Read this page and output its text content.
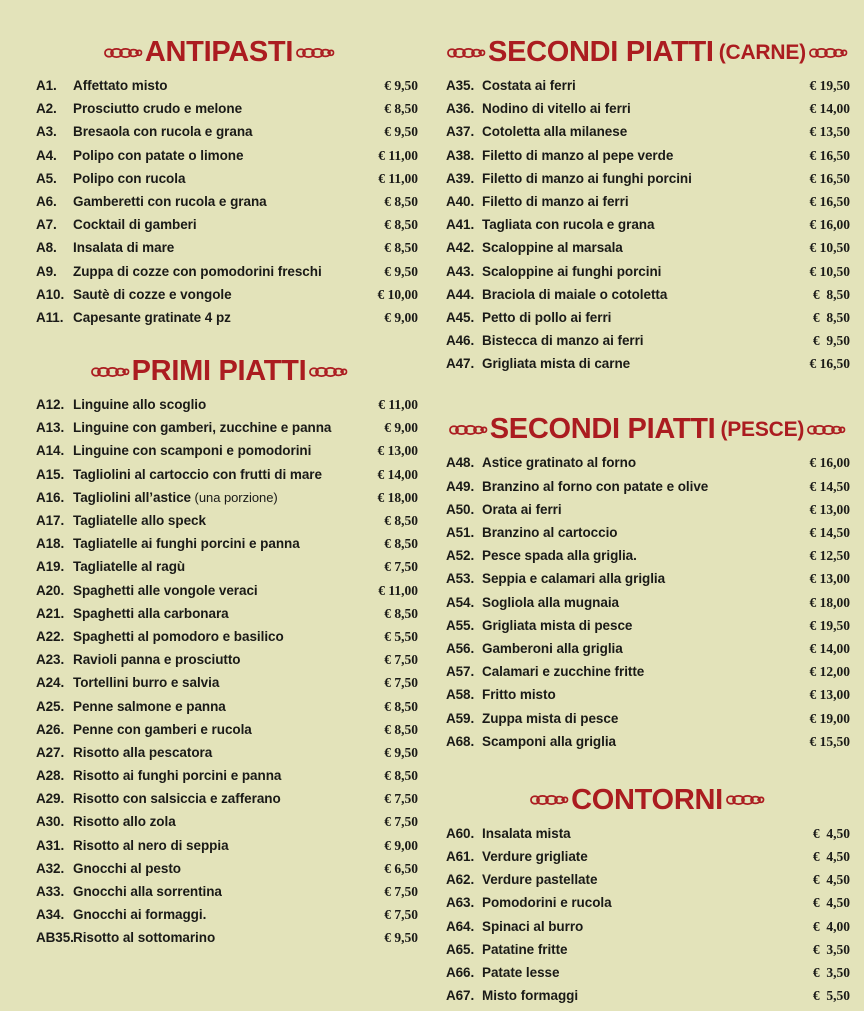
ANTIPASTI
A1.	Affettato misto	€ 9,50
A2.	Prosciutto crudo e melone	€ 8,50
A3.	Bresaola con rucola e grana	€ 9,50
A4.	Polipo con patate o limone	€ 11,00
A5.	Polipo con rucola	€ 11,00
A6.	Gamberetti con rucola e grana	€ 8,50
A7.	Cocktail di gamberi	€ 8,50
A8.	Insalata di mare	€ 8,50
A9.	Zuppa di cozze con pomodorini freschi	€ 9,50
A10. Sautè di cozze e vongole	€ 10,00
A11. Capesante gratinate 4 pz	€ 9,00
PRIMI PIATTI
A12. Linguine allo scoglio	€ 11,00
A13. Linguine con gamberi, zucchine e panna	€ 9,00
A14. Linguine con scamponi e pomodorini	€ 13,00
A15. Tagliolini al cartoccio con frutti di mare	€ 14,00
A16. Tagliolini all’astice (una porzione)	€ 18,00
A17. Tagliatelle allo speck	€ 8,50
A18. Tagliatelle ai funghi porcini e panna	€ 8,50
A19. Tagliatelle al ragù	€ 7,50
A20. Spaghetti alle vongole veraci	€ 11,00
A21. Spaghetti alla carbonara	€ 8,50
A22. Spaghetti al pomodoro e basilico	€ 5,50
A23. Ravioli panna e prosciutto	€ 7,50
A24. Tortellini burro e salvia	€ 7,50
A25. Penne salmone e panna	€ 8,50
A26. Penne con gamberi e rucola	€ 8,50
A27. Risotto alla pescatora	€ 9,50
A28. Risotto ai funghi porcini e panna	€ 8,50
A29. Risotto con salsiccia e zafferano	€ 7,50
A30. Risotto allo zola	€ 7,50
A31. Risotto al nero di seppia	€ 9,00
A32. Gnocchi al pesto	€ 6,50
A33. Gnocchi alla sorrentina	€ 7,50
A34. Gnocchi ai formaggi.	€ 7,50
AB35. Risotto al sottomarino	€ 9,50
SECONDI PIATTI (CARNE)
A35. Costata ai ferri	€ 19,50
A36. Nodino di vitello ai ferri	€ 14,00
A37. Cotoletta alla milanese	€ 13,50
A38. Filetto di manzo al pepe verde	€ 16,50
A39. Filetto di manzo ai funghi porcini	€ 16,50
A40. Filetto di manzo ai ferri	€ 16,50
A41. Tagliata con rucola e grana	€ 16,00
A42. Scaloppine al marsala	€ 10,50
A43. Scaloppine ai funghi porcini	€ 10,50
A44. Braciola di maiale o cotoletta	€  8,50
A45. Petto di pollo ai ferri	€  8,50
A46. Bistecca di manzo ai ferri	€  9,50
A47. Grigliata mista di carne	€ 16,50
SECONDI PIATTI (PESCE)
A48. Astice gratinato al forno	€ 16,00
A49. Branzino al forno con patate e olive	€ 14,50
A50. Orata ai ferri	€ 13,00
A51. Branzino al cartoccio	€ 14,50
A52. Pesce spada alla griglia.	€ 12,50
A53. Seppia e calamari alla griglia	€ 13,00
A54. Sogliola alla mugnaia	€ 18,00
A55. Grigliata mista di pesce	€ 19,50
A56. Gamberoni alla griglia	€ 14,00
A57. Calamari e zucchine fritte	€ 12,00
A58. Fritto misto	€ 13,00
A59. Zuppa mista di pesce	€ 19,00
A68. Scamponi alla griglia	€ 15,50
CONTORNI
A60. Insalata mista	€  4,50
A61. Verdure grigliate	€  4,50
A62. Verdure pastellate	€  4,50
A63. Pomodorini e rucola	€  4,50
A64. Spinaci al burro	€  4,00
A65. Patatine fritte	€  3,50
A66. Patate lesse	€  3,50
A67. Misto formaggi	€  5,50
